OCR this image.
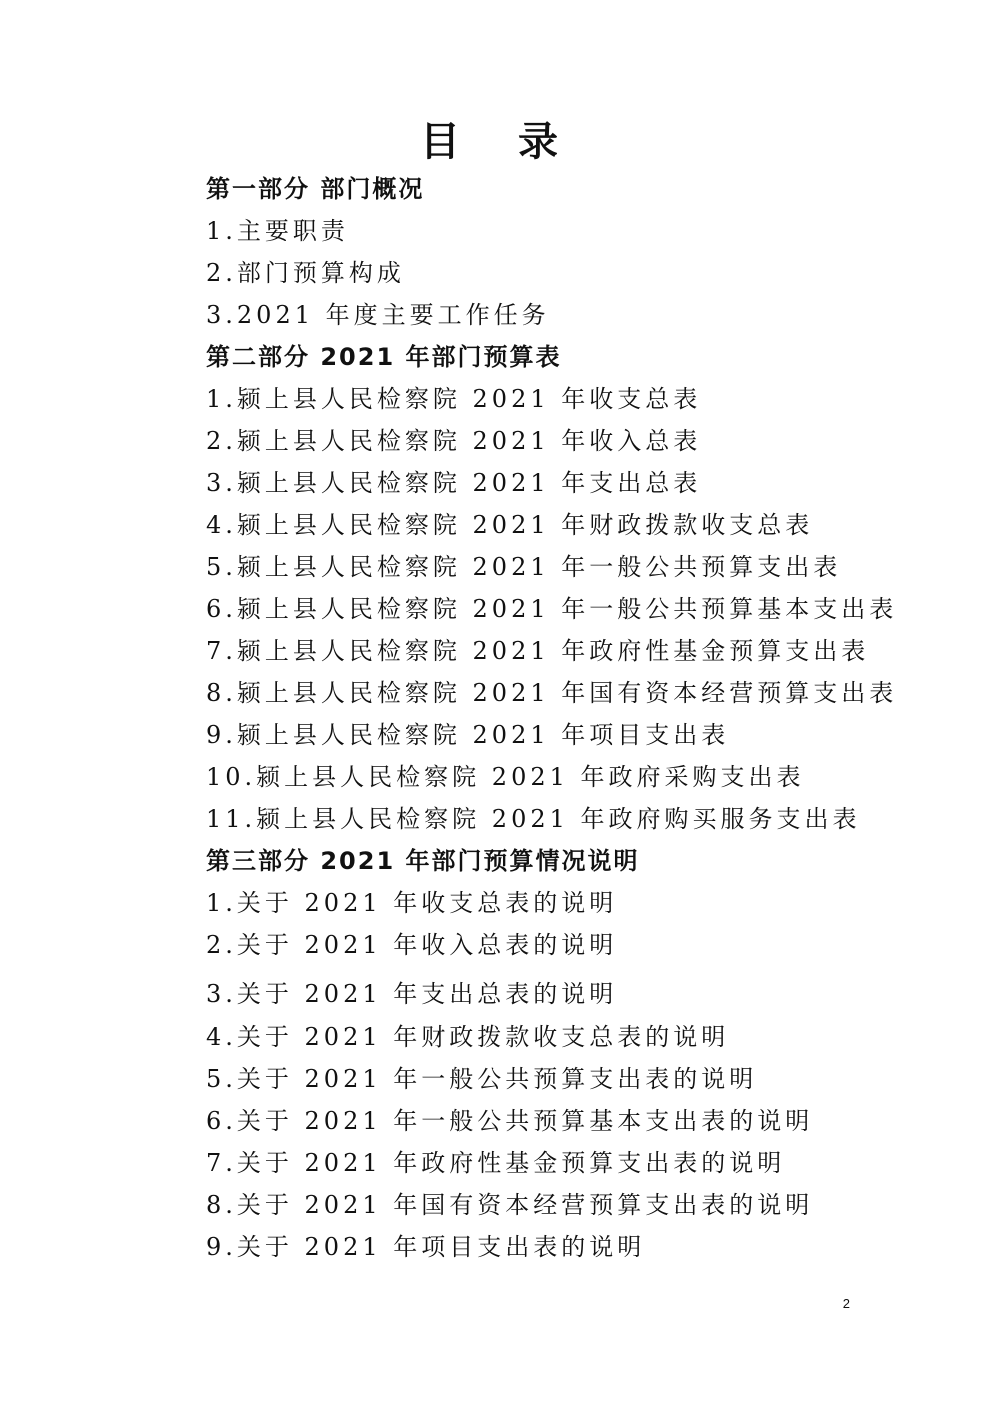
目 录
第一部分 部门概况
1.主要职责
2.部门预算构成
3.2021 年度主要工作任务
第二部分 2021 年部门预算表
1.颍上县人民检察院 2021 年收支总表
2.颍上县人民检察院 2021 年收入总表
3.颍上县人民检察院 2021 年支出总表
4.颍上县人民检察院 2021 年财政拨款收支总表
5.颍上县人民检察院 2021 年一般公共预算支出表
6.颍上县人民检察院 2021 年一般公共预算基本支出表
7.颍上县人民检察院 2021 年政府性基金预算支出表
8.颍上县人民检察院 2021 年国有资本经营预算支出表
9.颍上县人民检察院 2021 年项目支出表
10.颍上县人民检察院 2021 年政府采购支出表
11.颍上县人民检察院 2021 年政府购买服务支出表
第三部分 2021 年部门预算情况说明
1.关于 2021 年收支总表的说明
2.关于 2021 年收入总表的说明
3.关于 2021 年支出总表的说明
4.关于 2021 年财政拨款收支总表的说明
5.关于 2021 年一般公共预算支出表的说明
6.关于 2021 年一般公共预算基本支出表的说明
7.关于 2021 年政府性基金预算支出表的说明
8.关于 2021 年国有资本经营预算支出表的说明
9.关于 2021 年项目支出表的说明
2
